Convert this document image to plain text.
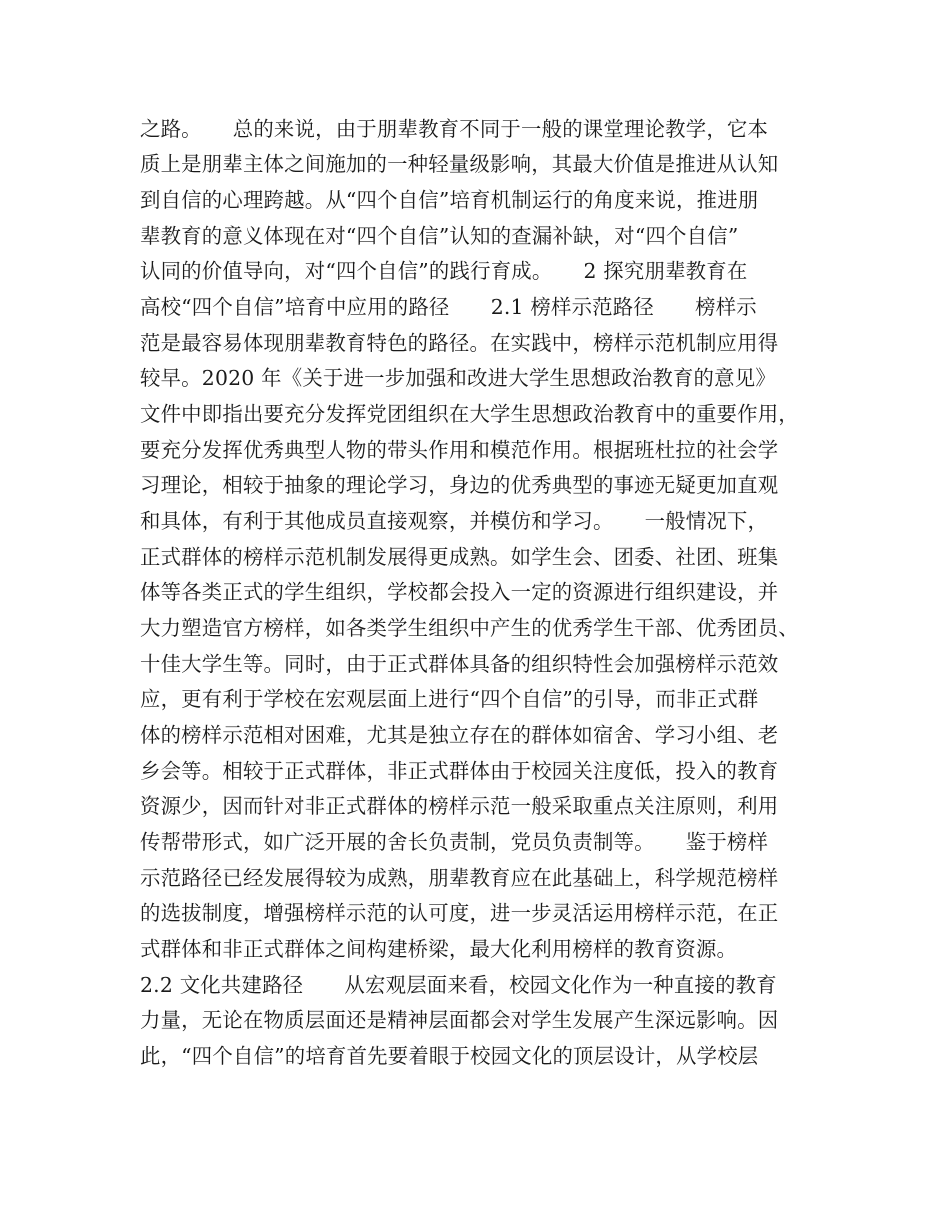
之路。　　总的来说，由于朋辈教育不同于一般的课堂理论教学，它本

质上是朋辈主体之间施加的一种轻量级影响，其最大价值是推进从认知

到自信的心理跨越。从“四个自信”培育机制运行的角度来说，推进朋

辈教育的意义体现在对“四个自信”认知的查漏补缺，对“四个自信”

认同的价值导向，对“四个自信”的践行育成。　　2 探究朋辈教育在

高校“四个自信”培育中应用的路径　　2.1 榜样示范路径　　榜样示

范是最容易体现朋辈教育特色的路径。在实践中，榜样示范机制应用得

较早。2020 年《关于进一步加强和改进大学生思想政治教育的意见》

文件中即指出要充分发挥党团组织在大学生思想政治教育中的重要作用，

要充分发挥优秀典型人物的带头作用和模范作用。根据班杜拉的社会学

习理论，相较于抽象的理论学习，身边的优秀典型的事迹无疑更加直观

和具体，有利于其他成员直接观察，并模仿和学习。　　一般情况下，

正式群体的榜样示范机制发展得更成熟。如学生会、团委、社团、班集

体等各类正式的学生组织，学校都会投入一定的资源进行组织建设，并

大力塑造官方榜样，如各类学生组织中产生的优秀学生干部、优秀团员、

十佳大学生等。同时，由于正式群体具备的组织特性会加强榜样示范效

应，更有利于学校在宏观层面上进行“四个自信”的引导，而非正式群

体的榜样示范相对困难，尤其是独立存在的群体如宿舍、学习小组、老

乡会等。相较于正式群体，非正式群体由于校园关注度低，投入的教育

资源少，因而针对非正式群体的榜样示范一般采取重点关注原则，利用

传帮带形式，如广泛开展的舍长负责制，党员负责制等。　　鉴于榜样

示范路径已经发展得较为成熟，朋辈教育应在此基础上，科学规范榜样

的选拔制度，增强榜样示范的认可度，进一步灵活运用榜样示范，在正

式群体和非正式群体之间构建桥梁，最大化利用榜样的教育资源。

2.2 文化共建路径　　从宏观层面来看，校园文化作为一种直接的教育

力量，无论在物质层面还是精神层面都会对学生发展产生深远影响。因

此，“四个自信”的培育首先要着眼于校园文化的顶层设计，从学校层
